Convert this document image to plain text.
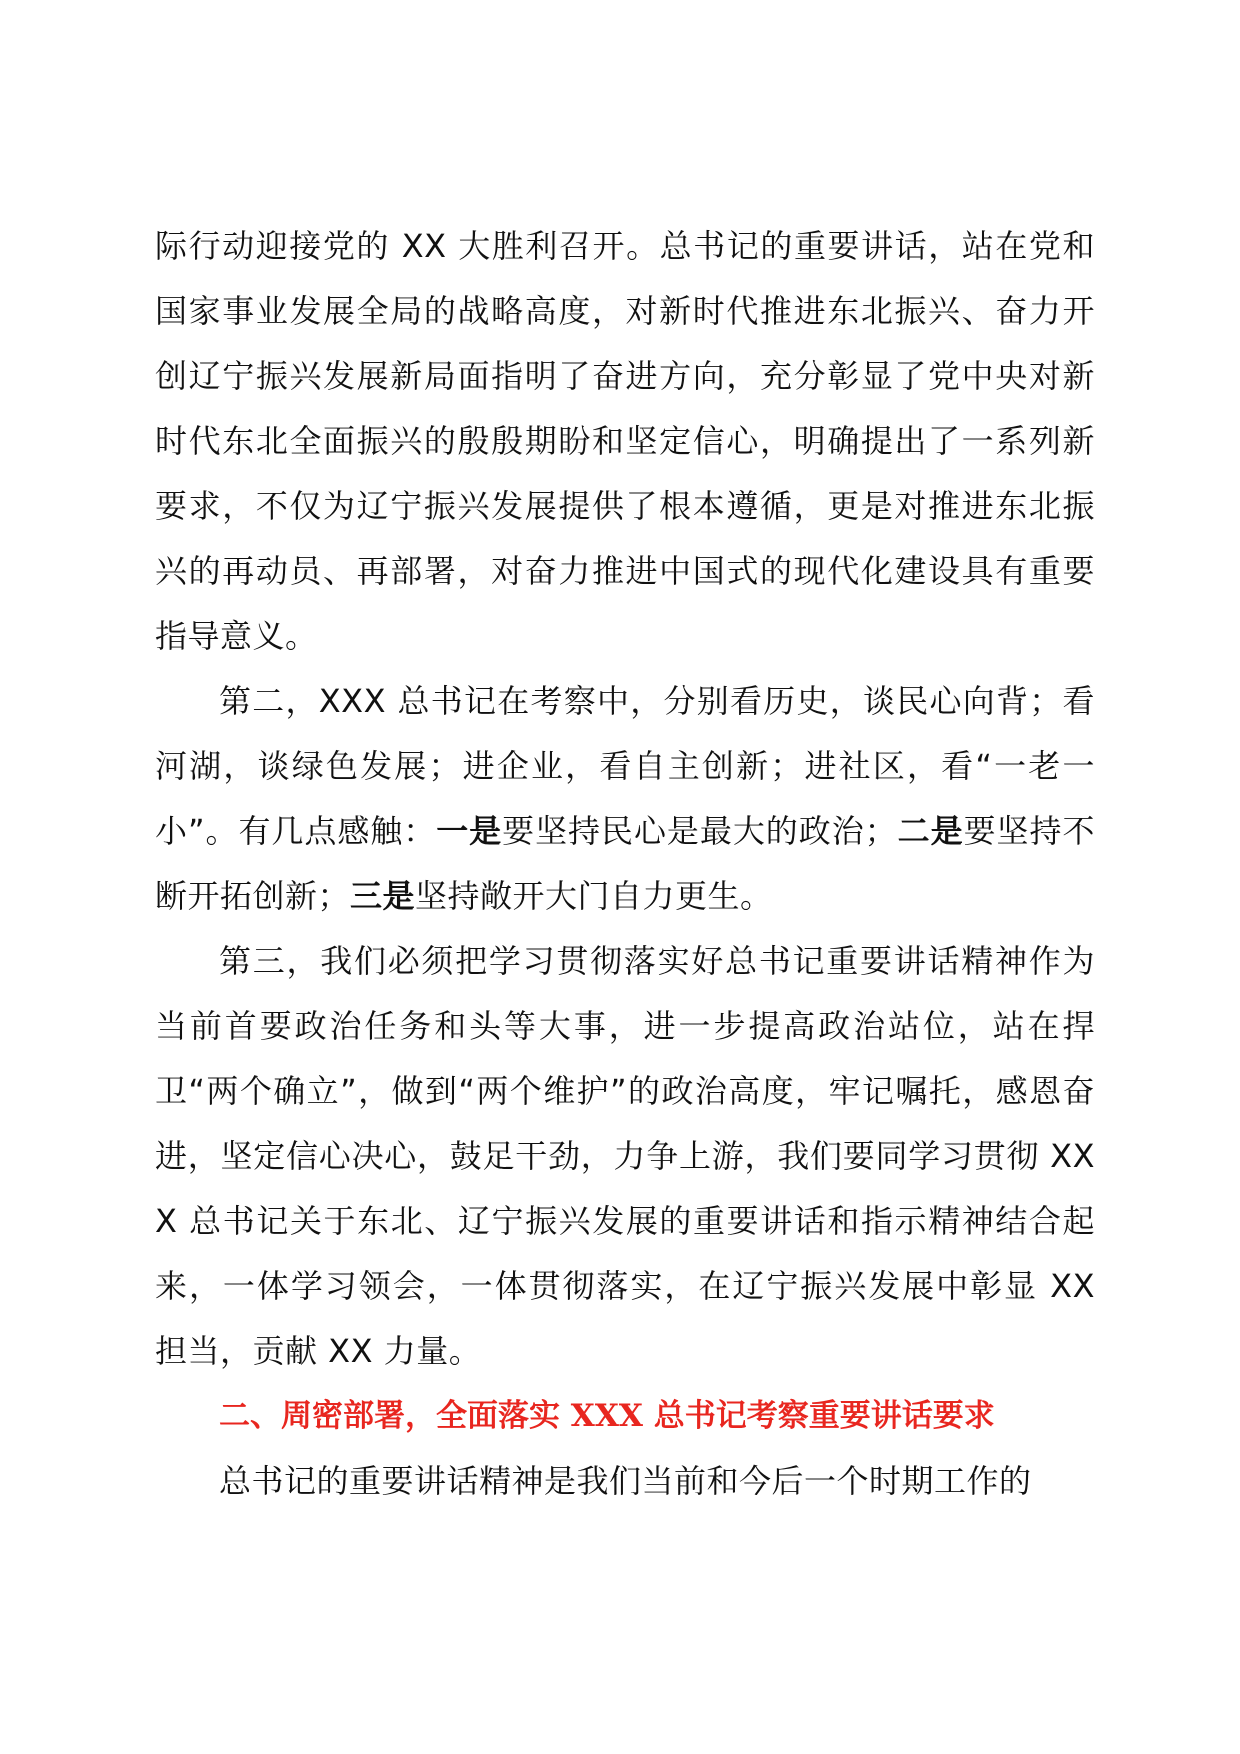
际行动迎接党的 XX 大胜利召开。总书记的重要讲话，站在党和国家事业发展全局的战略高度，对新时代推进东北振兴、奋力开创辽宁振兴发展新局面指明了奋进方向，充分彰显了党中央对新时代东北全面振兴的殷殷期盼和坚定信心，明确提出了一系列新要求，不仅为辽宁振兴发展提供了根本遵循，更是对推进东北振兴的再动员、再部署，对奋力推进中国式的现代化建设具有重要指导意义。

第二，XXX 总书记在考察中，分别看历史，谈民心向背；看河湖，谈绿色发展；进企业，看自主创新；进社区，看“一老一小”。有几点感触：一是要坚持民心是最大的政治；二是要坚持不断开拓创新；三是坚持敞开大门自力更生。

第三，我们必须把学习贯彻落实好总书记重要讲话精神作为当前首要政治任务和头等大事，进一步提高政治站位，站在捍卫“两个确立”，做到“两个维护”的政治高度，牢记嘱托，感恩奋进，坚定信心决心，鼓足干劲，力争上游，我们要同学习贯彻 XXX 总书记关于东北、辽宁振兴发展的重要讲话和指示精神结合起来，一体学习领会，一体贯彻落实，在辽宁振兴发展中彰显 XX 担当，贡献 XX 力量。

二、周密部署，全面落实 XXX 总书记考察重要讲话要求

总书记的重要讲话精神是我们当前和今后一个时期工作的
